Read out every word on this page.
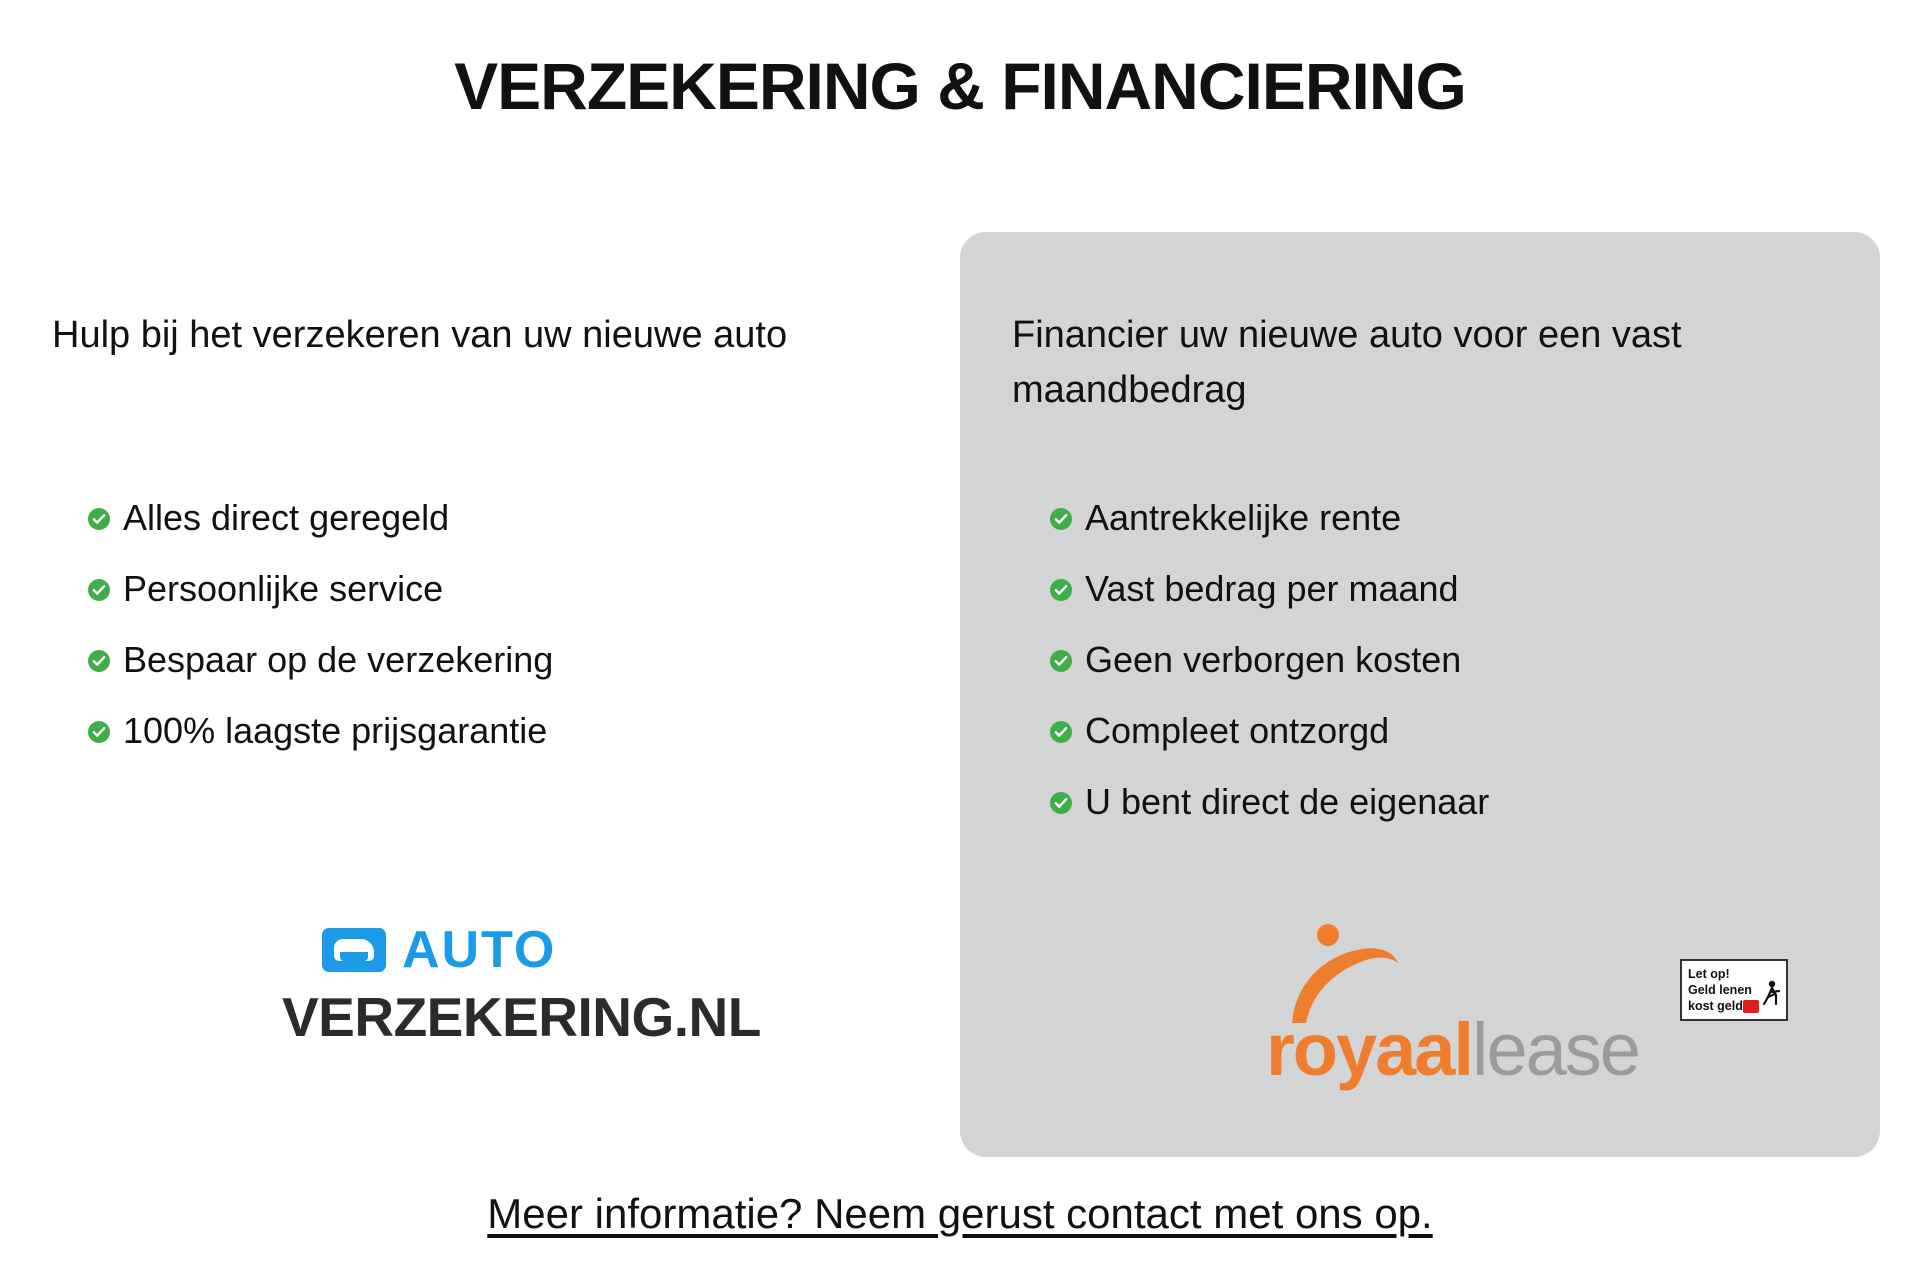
VERZEKERING & FINANCIERING
Hulp bij het verzekeren van uw nieuwe auto
Alles direct geregeld
Persoonlijke service
Bespaar op de verzekering
100% laagste prijsgarantie
AUTO
VERZEKERING.NL
Financier uw nieuwe auto voor een vast maandbedrag
Aantrekkelijke rente
Vast bedrag per maand
Geen verborgen kosten
Compleet ontzorgd
U bent direct de eigenaar
royaallease
Let op!
Geld lenen
kost geld
Meer informatie? Neem gerust contact met ons op.
